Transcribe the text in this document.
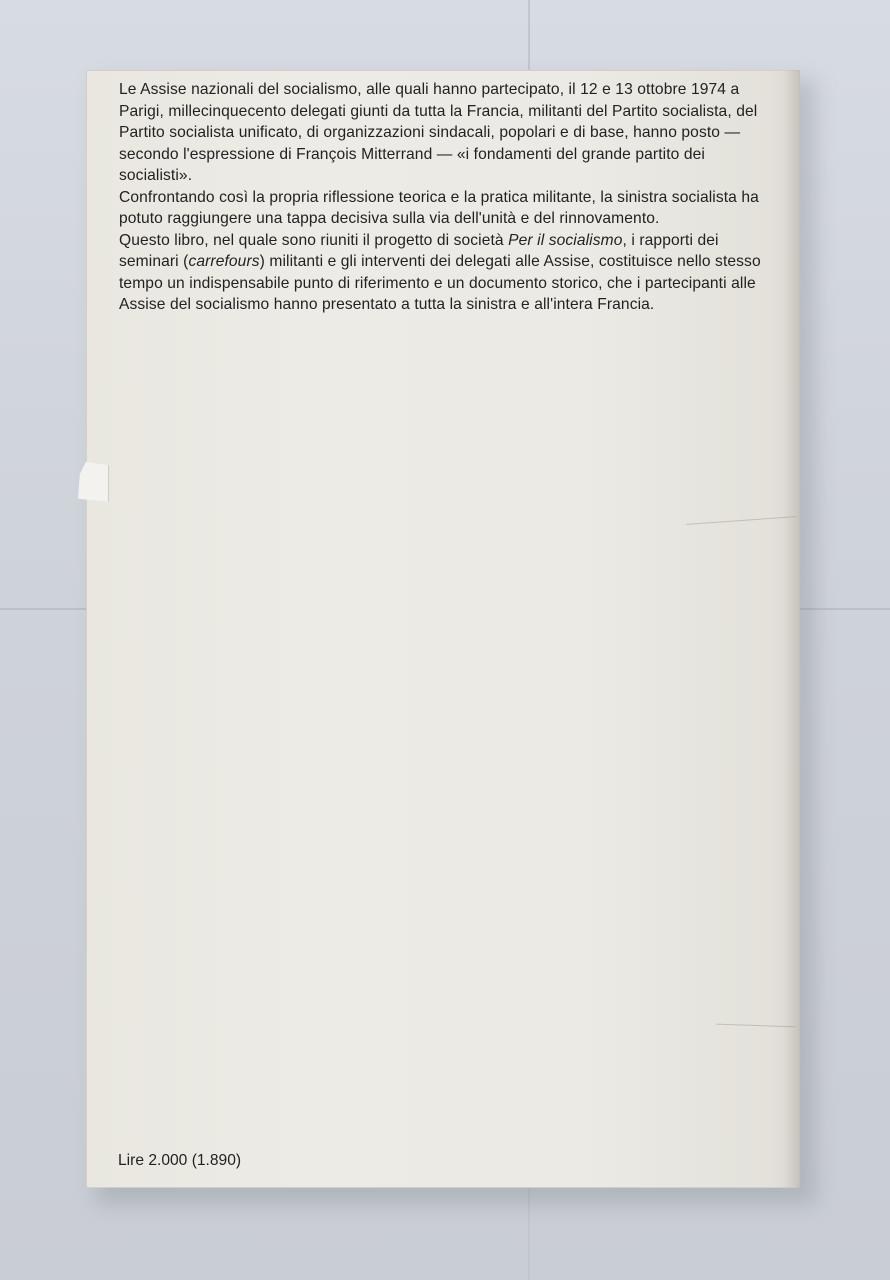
Le Assise nazionali del socialismo, alle quali hanno partecipato, il 12 e 13 ottobre 1974 a Parigi, millecinquecento delegati giunti da tutta la Francia, militanti del Partito socialista, del Partito socialista unificato, di organizzazioni sindacali, popolari e di base, hanno posto — secondo l'espressione di François Mitterrand — «i fondamenti del grande partito dei socialisti».

Confrontando così la propria riflessione teorica e la pratica militante, la sinistra socialista ha potuto raggiungere una tappa decisiva sulla via dell'unità e del rinnovamento.

Questo libro, nel quale sono riuniti il progetto di società Per il socialismo, i rapporti dei seminari (carrefours) militanti e gli interventi dei delegati alle Assise, costituisce nello stesso tempo un indispensabile punto di riferimento e un documento storico, che i partecipanti alle Assise del socialismo hanno presentato a tutta la sinistra e all'intera Francia.

Lire 2.000 (1.890)
